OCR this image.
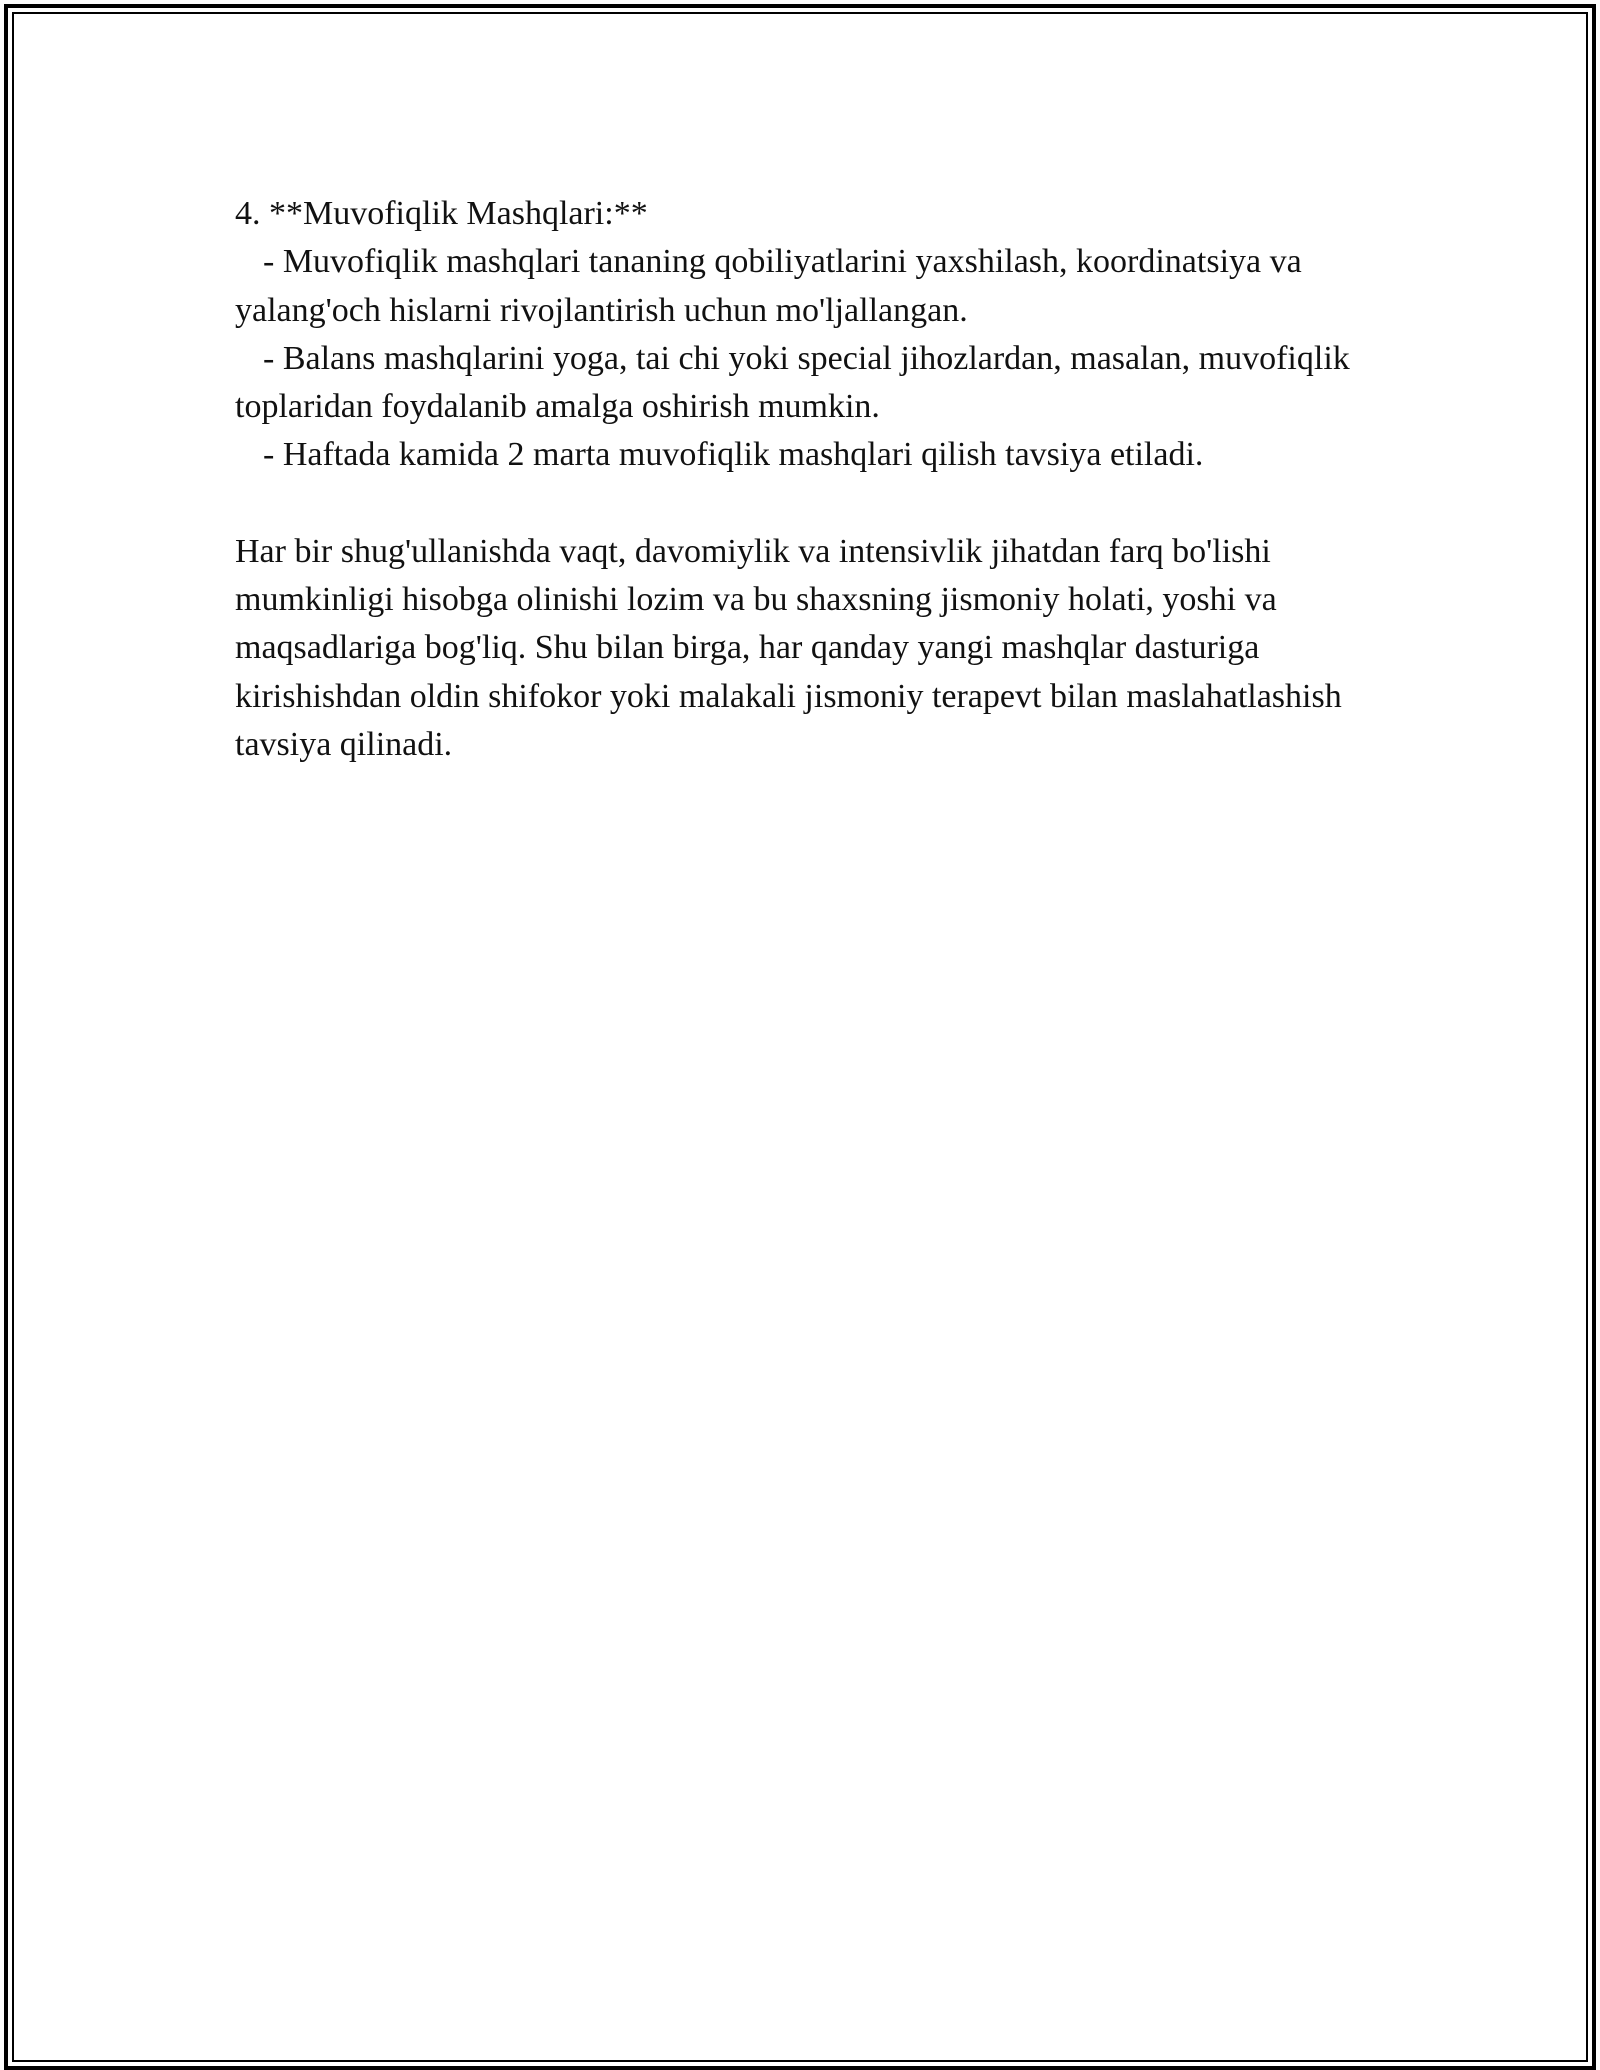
4. **Muvofiqlik Mashqlari:**

- Muvofiqlik mashqlari tananing qobiliyatlarini yaxshilash, koordinatsiya va yalang'och hislarni rivojlantirish uchun mo'ljallangan.

- Balans mashqlarini yoga, tai chi yoki special jihozlardan, masalan, muvofiqlik toplaridan foydalanib amalga oshirish mumkin.

- Haftada kamida 2 marta muvofiqlik mashqlari qilish tavsiya etiladi.

Har bir shug'ullanishda vaqt, davomiylik va intensivlik jihatdan farq bo'lishi mumkinligi hisobga olinishi lozim va bu shaxsning jismoniy holati, yoshi va maqsadlariga bog'liq. Shu bilan birga, har qanday yangi mashqlar dasturiga kirishishdan oldin shifokor yoki malakali jismoniy terapevt bilan maslahatlashish tavsiya qilinadi.
